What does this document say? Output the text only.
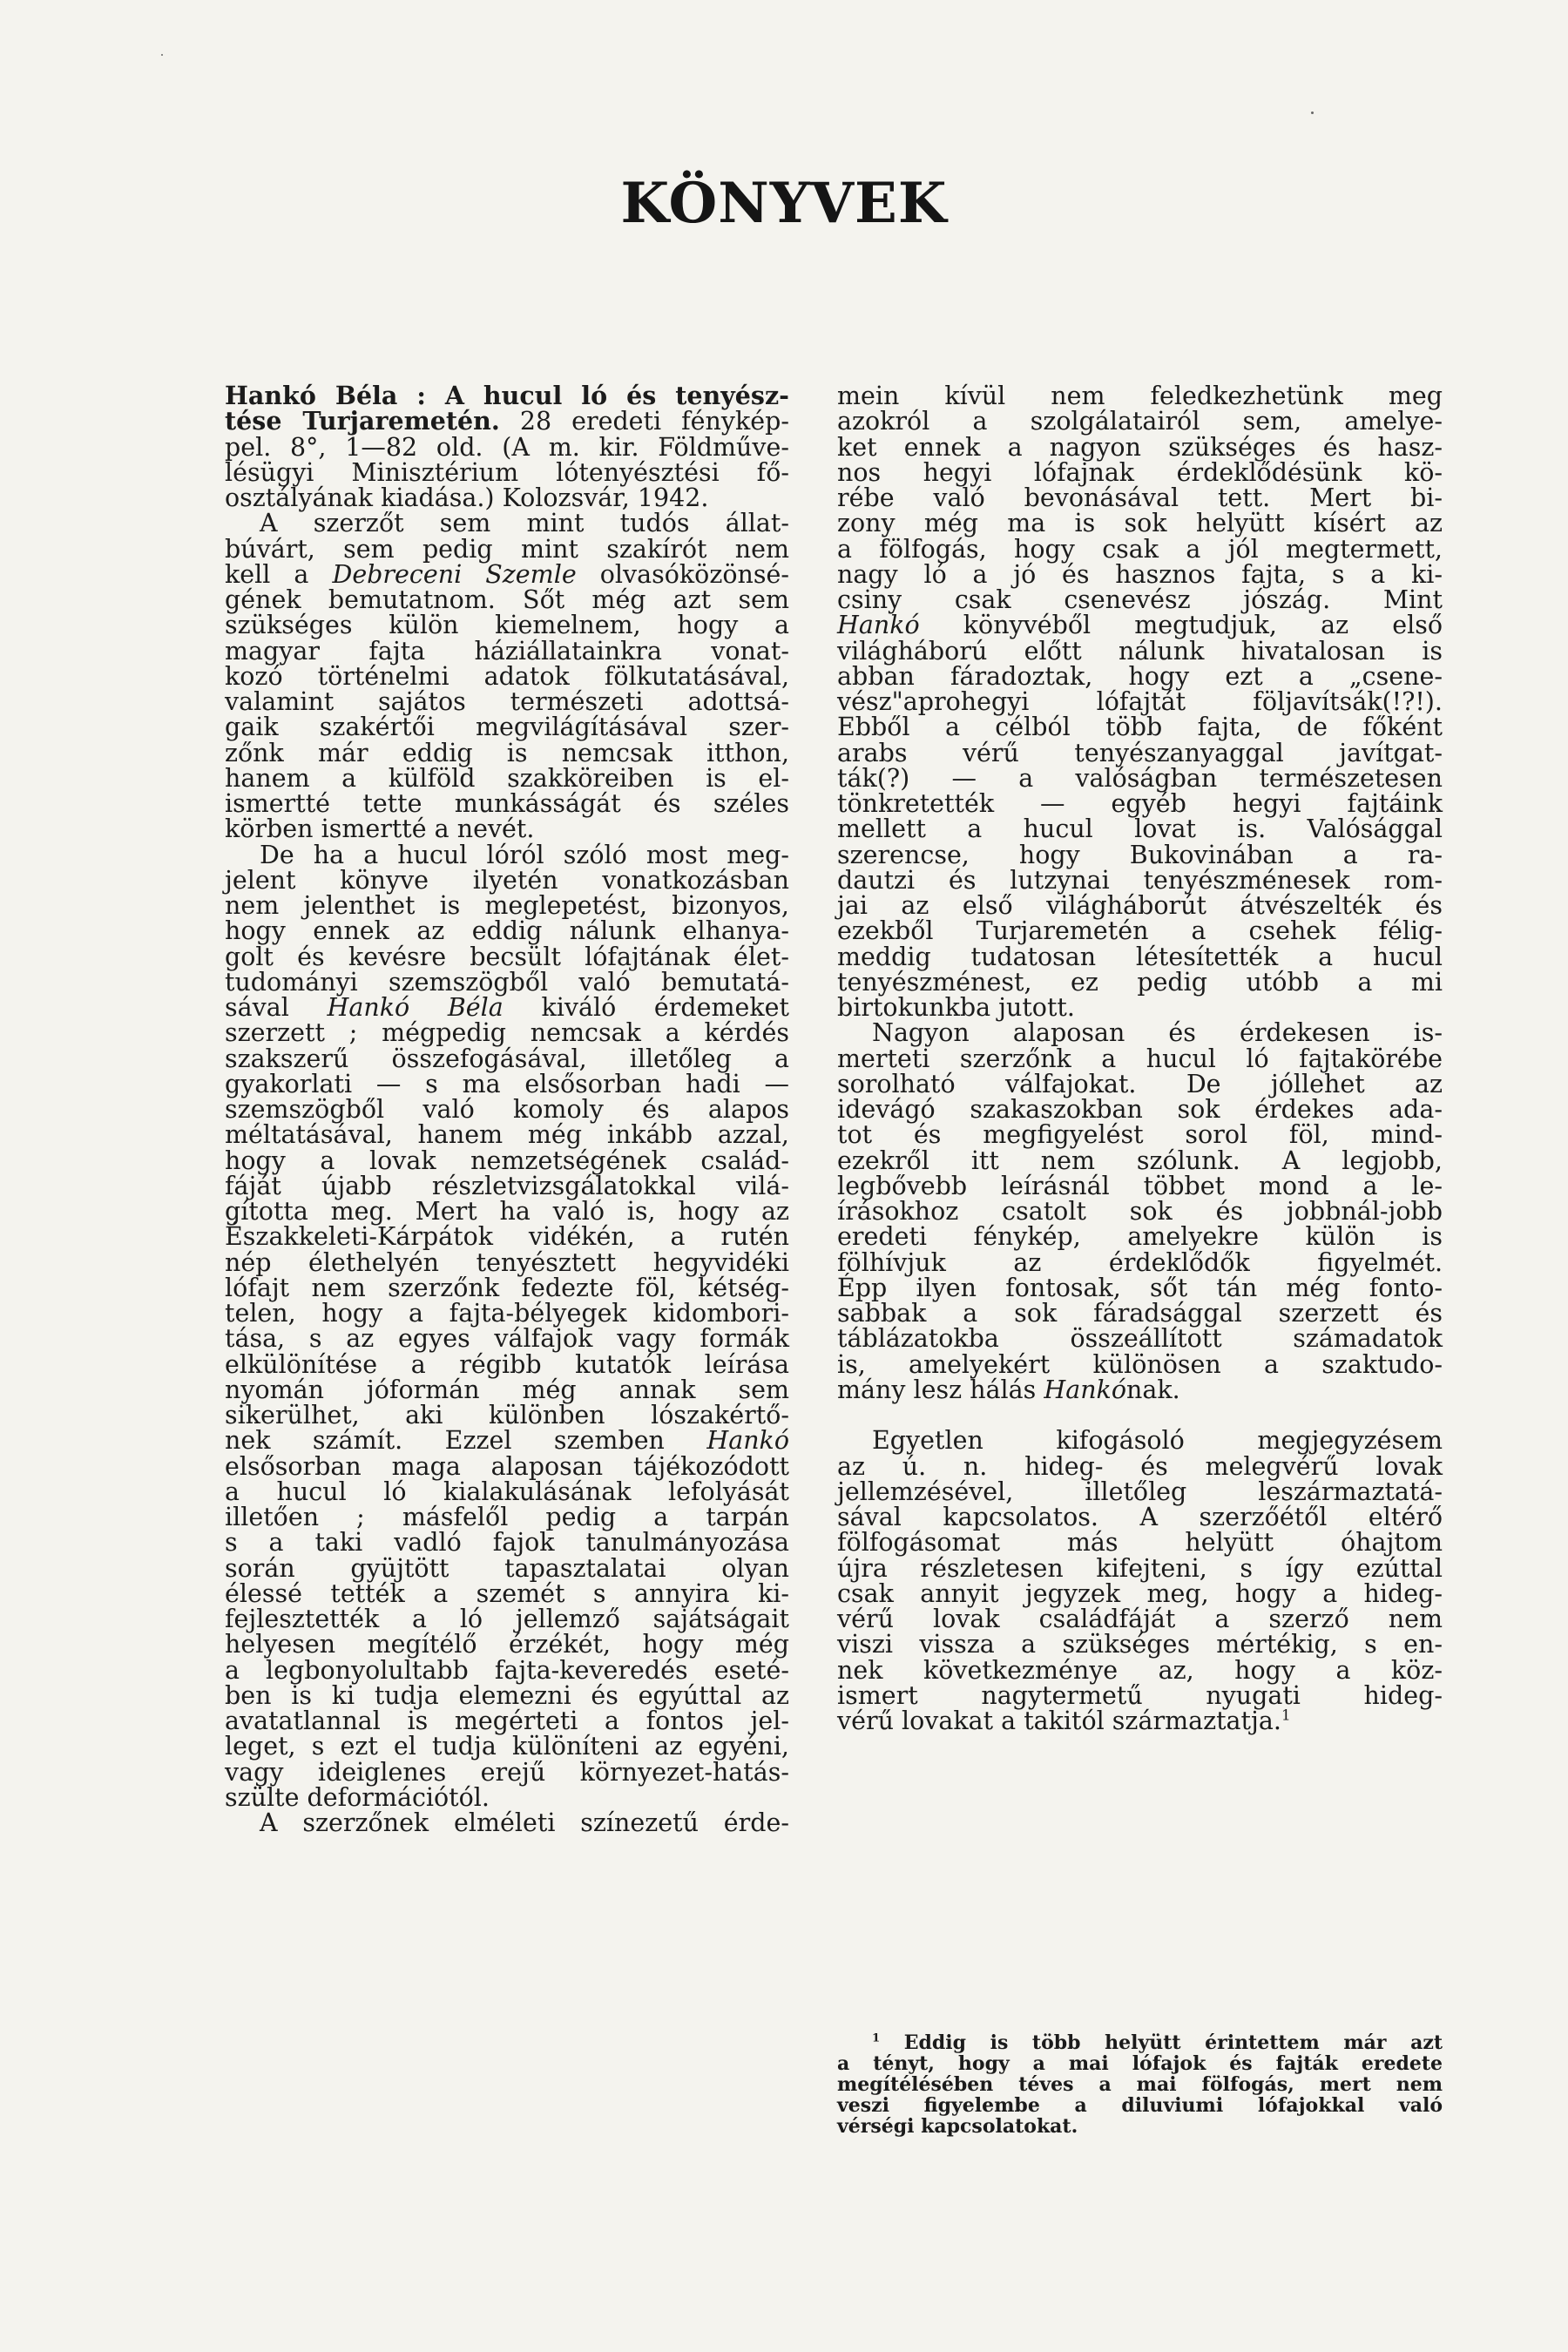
KÖNYVEK
Hankó Béla : A hucul ló és tenyész-
tése Turjaremetén. 28 eredeti fénykép-
pel. 8°, 1—82 old. (A m. kir. Földműve-
lésügyi Minisztérium lótenyésztési fő-
osztályának kiadása.) Kolozsvár, 1942.
A szerzőt sem mint tudós állat-
búvárt, sem pedig mint szakírót nem
kell a Debreceni Szemle olvasóközönsé-
gének bemutatnom. Sőt még azt sem
szükséges külön kiemelnem, hogy a
magyar fajta háziállatainkra vonat-
kozó történelmi adatok fölkutatásával,
valamint sajátos természeti adottsá-
gaik szakértői megvilágításával szer-
zőnk már eddig is nemcsak itthon,
hanem a külföld szakköreiben is el-
ismertté tette munkásságát és széles
körben ismertté a nevét.
De ha a hucul lóról szóló most meg-
jelent könyve ilyetén vonatkozásban
nem jelenthet is meglepetést, bizonyos,
hogy ennek az eddig nálunk elhanya-
golt és kevésre becsült lófajtának élet-
tudományi szemszögből való bemutatá-
sával Hankó Béla kiváló érdemeket
szerzett ; mégpedig nemcsak a kérdés
szakszerű összefogásával, illetőleg a
gyakorlati — s ma elsősorban hadi —
szemszögből való komoly és alapos
méltatásával, hanem még inkább azzal,
hogy a lovak nemzetségének család-
fáját újabb részletvizsgálatokkal vilá-
gította meg. Mert ha való is, hogy az
Északkeleti-Kárpátok vidékén, a rutén
nép élethelyén tenyésztett hegyvidéki
lófajt nem szerzőnk fedezte föl, kétség-
telen, hogy a fajta-bélyegek kidombori-
tása, s az egyes válfajok vagy formák
elkülönítése a régibb kutatók leírása
nyomán jóformán még annak sem
sikerülhet, aki különben lószakértő-
nek számít. Ezzel szemben Hankó
elsősorban maga alaposan tájékozódott
a hucul ló kialakulásának lefolyását
illetően ; másfelől pedig a tarpán
s a taki vadló fajok tanulmányozása
során gyüjtött tapasztalatai olyan
élessé tették a szemét s annyira ki-
fejlesztették a ló jellemző sajátságait
helyesen megítélő érzékét, hogy még
a legbonyolultabb fajta-keveredés eseté-
ben is ki tudja elemezni és egyúttal az
avatatlannal is megérteti a fontos jel-
leget, s ezt el tudja különíteni az egyéni,
vagy ideiglenes erejű környezet-hatás-
szülte deformációtól.
A szerzőnek elméleti színezetű érde-
mein kívül nem feledkezhetünk meg
azokról a szolgálatairól sem, amelye-
ket ennek a nagyon szükséges és hasz-
nos hegyi lófajnak érdeklődésünk kö-
rébe való bevonásával tett. Mert bi-
zony még ma is sok helyütt kísért az
a fölfogás, hogy csak a jól megtermett,
nagy ló a jó és hasznos fajta, s a ki-
csiny csak csenevész jószág. Mint
Hankó könyvéből megtudjuk, az első
világháború előtt nálunk hivatalosan is
abban fáradoztak, hogy ezt a „csene-
vész"aprohegyi lófajtát följavítsák(!?!).
Ebből a célból több fajta, de főként
arabs vérű tenyészanyaggal javítgat-
ták(?) — a valóságban természetesen
tönkretették — egyéb hegyi fajtáink
mellett a hucul lovat is. Valósággal
szerencse, hogy Bukovinában a ra-
dautzi és lutzynai tenyészménesek rom-
jai az első világháborút átvészelték és
ezekből Turjaremetén a csehek félig-
meddig tudatosan létesítették a hucul
tenyészménest, ez pedig utóbb a mi
birtokunkba jutott.
Nagyon alaposan és érdekesen is-
merteti szerzőnk a hucul ló fajtakörébe
sorolható válfajokat. De jóllehet az
idevágó szakaszokban sok érdekes ada-
tot és megfigyelést sorol föl, mind-
ezekről itt nem szólunk. A legjobb,
legbővebb leírásnál többet mond a le-
írásokhoz csatolt sok és jobbnál-jobb
eredeti fénykép, amelyekre külön is
fölhívjuk az érdeklődők figyelmét.
Épp ilyen fontosak, sőt tán még fonto-
sabbak a sok fáradsággal szerzett és
táblázatokba összeállított számadatok
is, amelyekért különösen a szaktudo-
mány lesz hálás Hankónak.
Egyetlen kifogásoló megjegyzésem
az ú. n. hideg- és melegvérű lovak
jellemzésével, illetőleg leszármaztatá-
sával kapcsolatos. A szerzőétől eltérő
fölfogásomat más helyütt óhajtom
újra részletesen kifejteni, s így ezúttal
csak annyit jegyzek meg, hogy a hideg-
vérű lovak családfáját a szerző nem
viszi vissza a szükséges mértékig, s en-
nek következménye az, hogy a köz-
ismert nagytermetű nyugati hideg-
vérű lovakat a takitól származtatja.$^1$
$^1$ Eddig is több helyütt érintettem már azt
a tényt, hogy a mai lófajok és fajták eredete
megítélésében téves a mai fölfogás, mert nem
veszi figyelembe a diluviumi lófajokkal való
vérségi kapcsolatokat.
